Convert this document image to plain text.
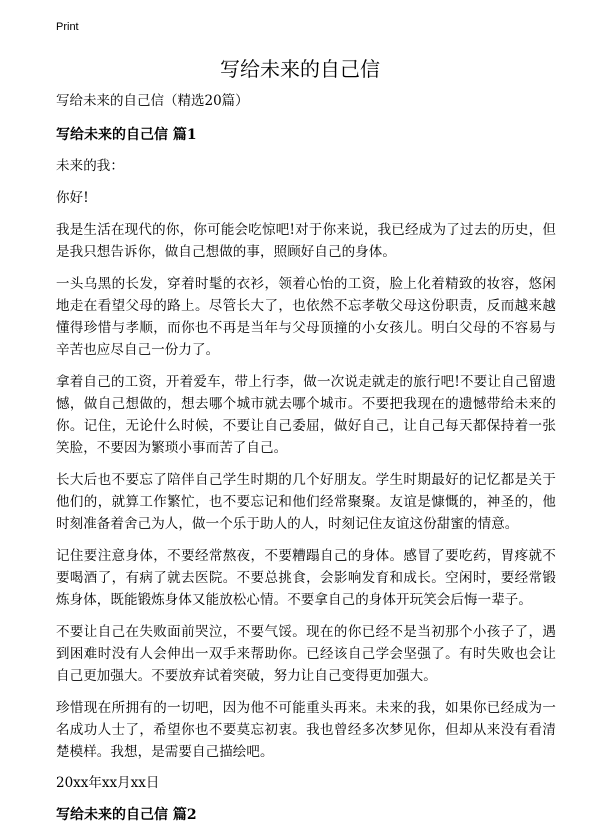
Print
写给未来的自己信

写给未来的自己信（精选20篇）

写给未来的自己信 篇1

未来的我：

你好!

我是生活在现代的你，你可能会吃惊吧!对于你来说，我已经成为了过去的历史，但是我只想告诉你，做自己想做的事，照顾好自己的身体。

一头乌黑的长发，穿着时髦的衣衫，领着心怡的工资，脸上化着精致的妆容，悠闲地走在看望父母的路上。尽管长大了，也依然不忘孝敬父母这份职责，反而越来越懂得珍惜与孝顺，而你也不再是当年与父母顶撞的小女孩儿。明白父母的不容易与辛苦也应尽自己一份力了。

拿着自己的工资，开着爱车，带上行李，做一次说走就走的旅行吧!不要让自己留遗憾，做自己想做的，想去哪个城市就去哪个城市。不要把我现在的遗憾带给未来的你。记住，无论什么时候，不要让自己委屈，做好自己，让自己每天都保持着一张笑脸，不要因为繁琐小事而苦了自己。

长大后也不要忘了陪伴自己学生时期的几个好朋友。学生时期最好的记忆都是关于他们的，就算工作繁忙，也不要忘记和他们经常聚聚。友谊是慷慨的，神圣的，他时刻准备着舍己为人，做一个乐于助人的人，时刻记住友谊这份甜蜜的情意。

记住要注意身体，不要经常熬夜，不要糟蹋自己的身体。感冒了要吃药，胃疼就不要喝酒了，有病了就去医院。不要总挑食，会影响发育和成长。空闲时，要经常锻炼身体，既能锻炼身体又能放松心情。不要拿自己的身体开玩笑会后悔一辈子。

不要让自己在失败面前哭泣，不要气馁。现在的你已经不是当初那个小孩子了，遇到困难时没有人会伸出一双手来帮助你。已经该自己学会坚强了。有时失败也会让自己更加强大。不要放弃试着突破，努力让自己变得更加强大。

珍惜现在所拥有的一切吧，因为他不可能重头再来。未来的我，如果你已经成为一名成功人士了，希望你也不要莫忘初衷。我也曾经多次梦见你，但却从来没有看清楚模样。我想，是需要自己描绘吧。

20xx年xx月xx日

写给未来的自己信 篇2
